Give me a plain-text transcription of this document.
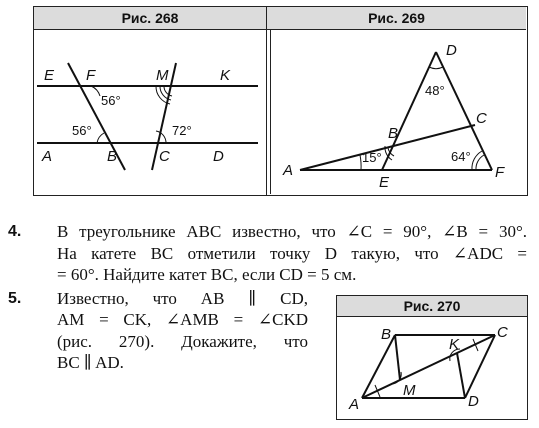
Рис. 268	Рис. 269
E F	M	K
A	B	C	D
56°
56°	72°
D
C
B
A
E
F
48°
15°	64°
4. В треугольнике ABC известно, что ∠C = 90°, ∠B = 30°.
На катете BC отметили точку D такую, что ∠ADC =
= 60°. Найдите катет BC, если CD = 5 см.
5. Известно, что AB ∥ CD,
AM = CK, ∠AMB = ∠CKD
(рис. 270). Докажите, что
BC ∥ AD.
Рис. 270
B	C
K
A
M
D
